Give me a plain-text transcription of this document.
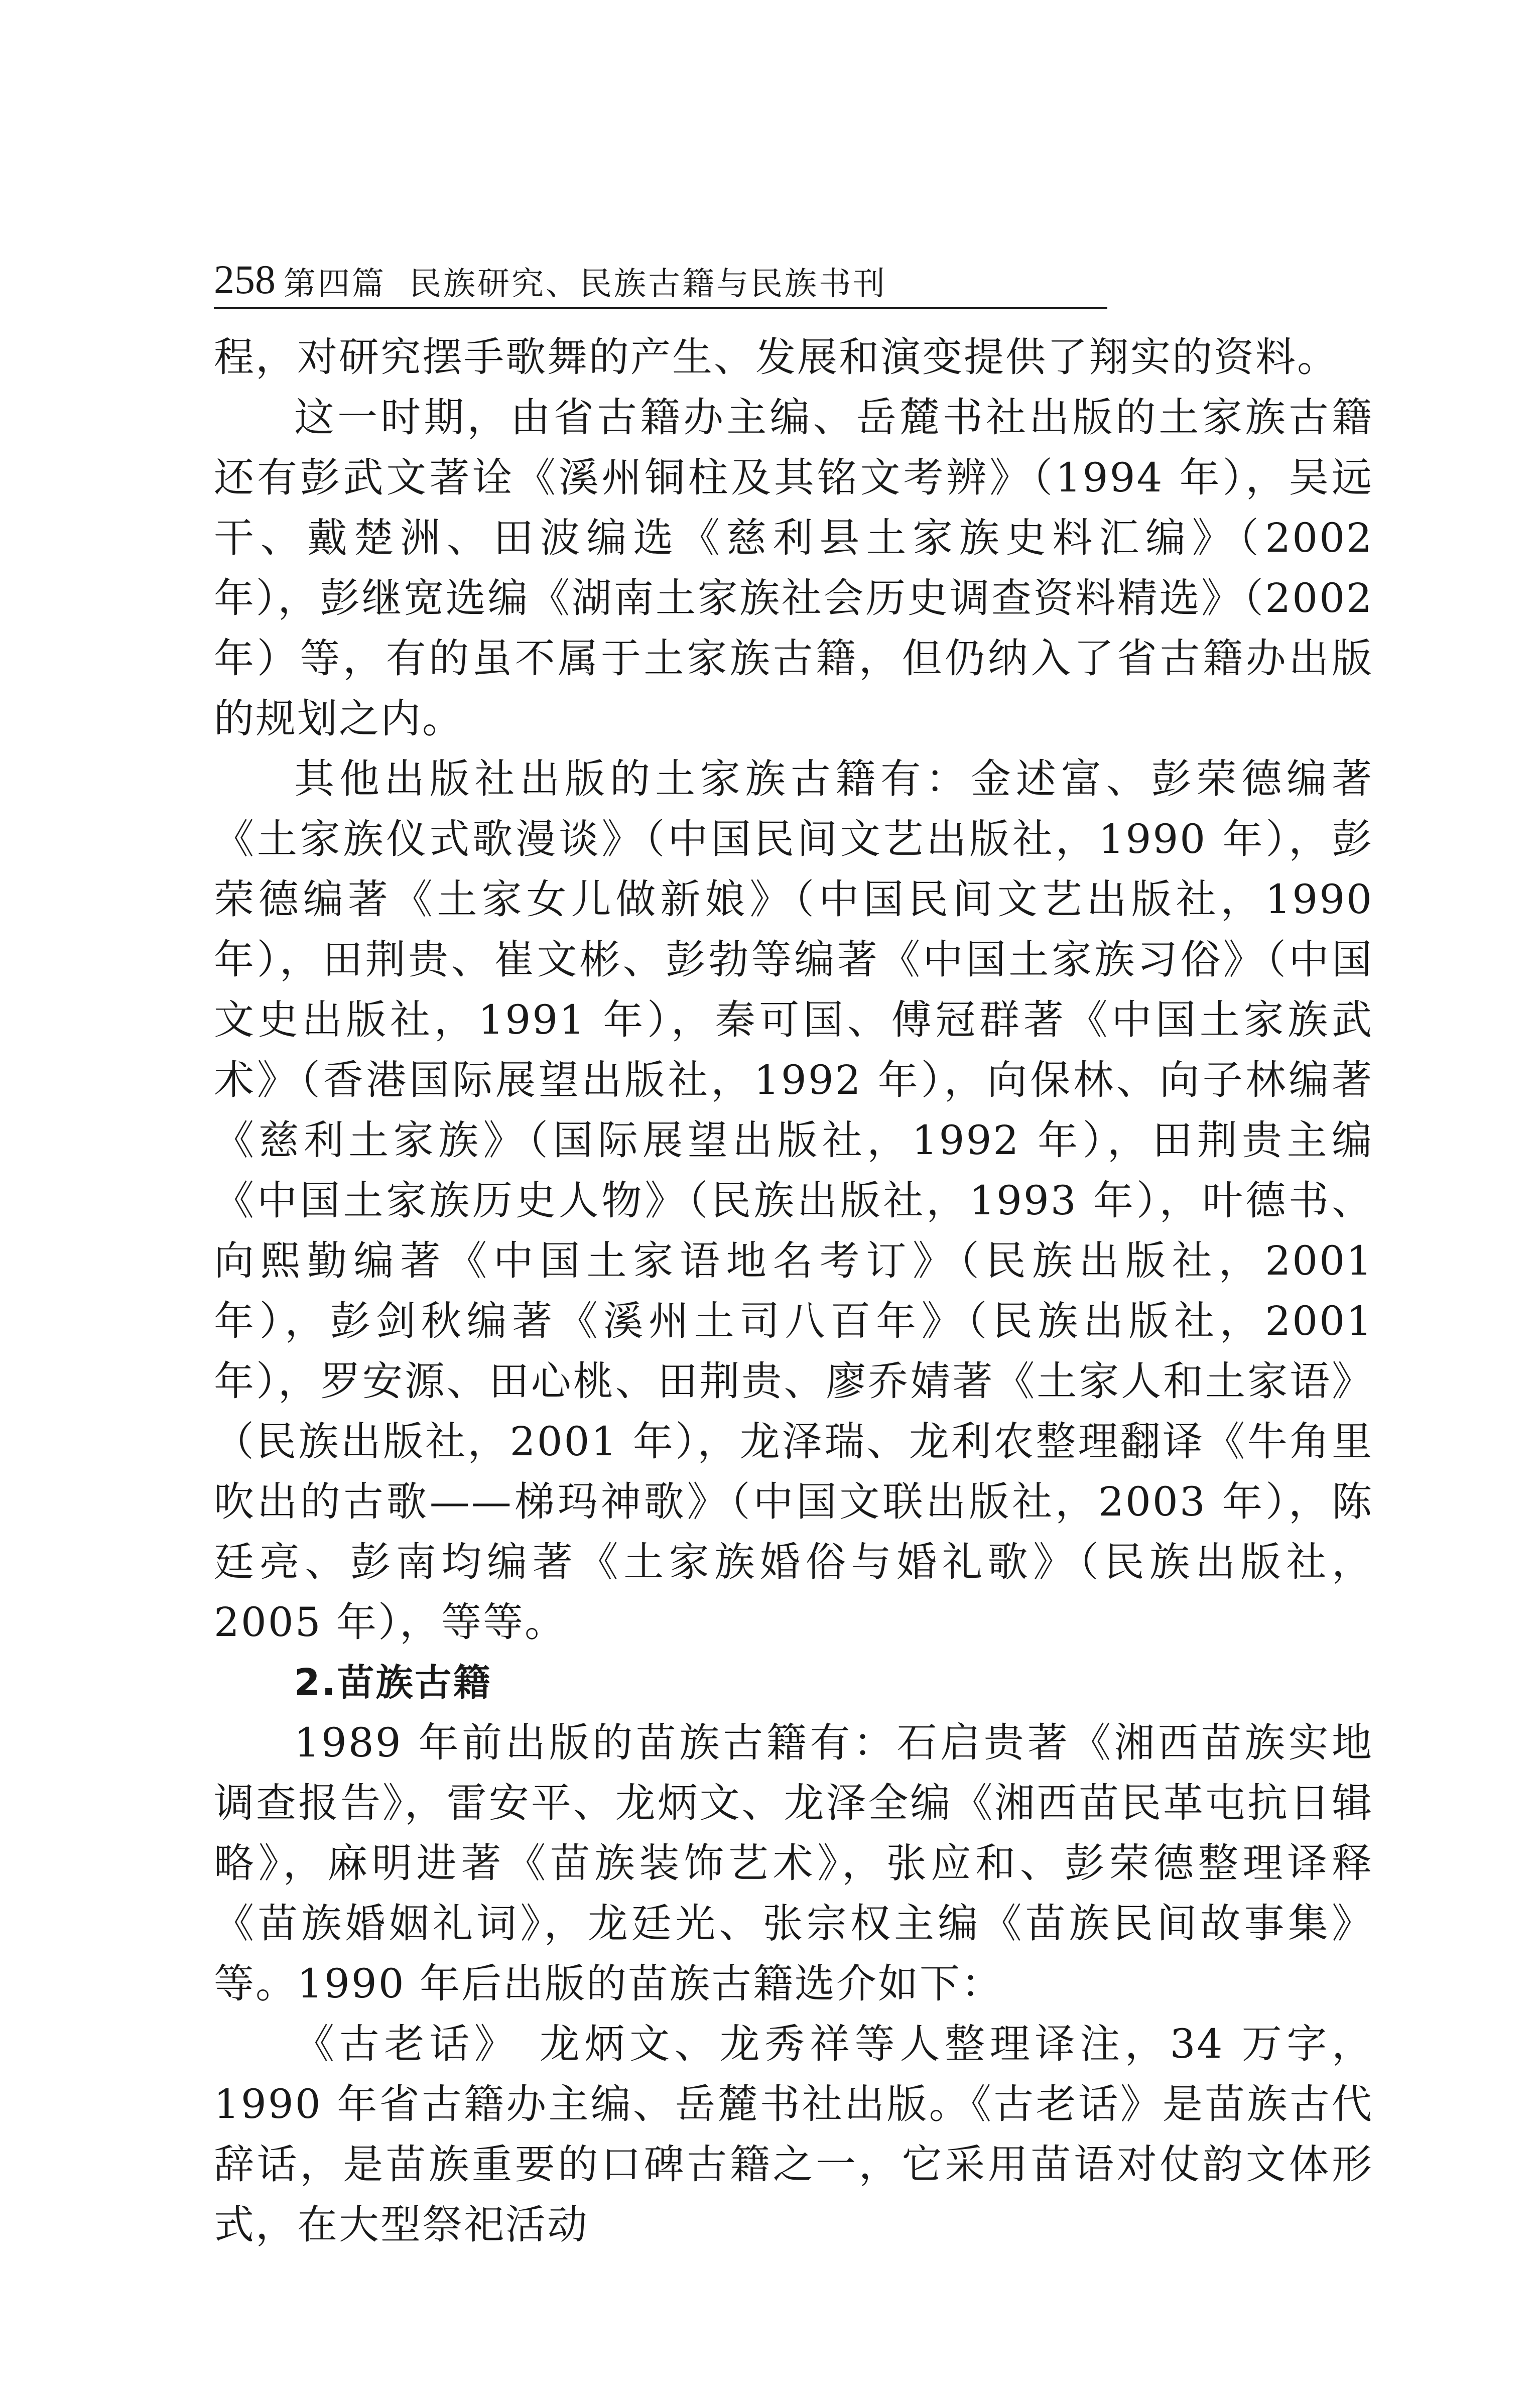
258 第四篇 民族研究、民族古籍与民族书刊

程，对研究摆手歌舞的产生、发展和演变提供了翔实的资料。

这一时期，由省古籍办主编、岳麓书社出版的土家族古籍还有彭武文著诠《溪州铜柱及其铭文考辨》（1994 年），吴远干、戴楚洲、田波编选《慈利县土家族史料汇编》（2002 年），彭继宽选编《湖南土家族社会历史调查资料精选》（2002 年）等，有的虽不属于土家族古籍，但仍纳入了省古籍办出版的规划之内。

其他出版社出版的土家族古籍有：金述富、彭荣德编著《土家族仪式歌漫谈》（中国民间文艺出版社，1990 年），彭荣德编著《土家女儿做新娘》（中国民间文艺出版社，1990 年），田荆贵、崔文彬、彭勃等编著《中国土家族习俗》（中国文史出版社，1991 年），秦可国、傅冠群著《中国土家族武术》（香港国际展望出版社，1992 年），向保林、向子林编著《慈利土家族》（国际展望出版社，1992 年），田荆贵主编《中国土家族历史人物》（民族出版社，1993 年），叶德书、向熙勤编著《中国土家语地名考订》（民族出版社，2001 年），彭剑秋编著《溪州土司八百年》（民族出版社，2001 年），罗安源、田心桃、田荆贵、廖乔婧著《土家人和土家语》（民族出版社，2001 年），龙泽瑞、龙利农整理翻译《牛角里吹出的古歌——梯玛神歌》（中国文联出版社，2003 年），陈廷亮、彭南均编著《土家族婚俗与婚礼歌》（民族出版社，2005 年），等等。

2.苗族古籍

1989 年前出版的苗族古籍有：石启贵著《湘西苗族实地调查报告》，雷安平、龙炳文、龙泽全编《湘西苗民革屯抗日辑略》，麻明进著《苗族装饰艺术》，张应和、彭荣德整理译释《苗族婚姻礼词》，龙廷光、张宗权主编《苗族民间故事集》等。1990 年后出版的苗族古籍选介如下：

《古老话》 龙炳文、龙秀祥等人整理译注，34 万字，1990 年省古籍办主编、岳麓书社出版。《古老话》是苗族古代辞话，是苗族重要的口碑古籍之一，它采用苗语对仗韵文体形式，在大型祭祀活动
